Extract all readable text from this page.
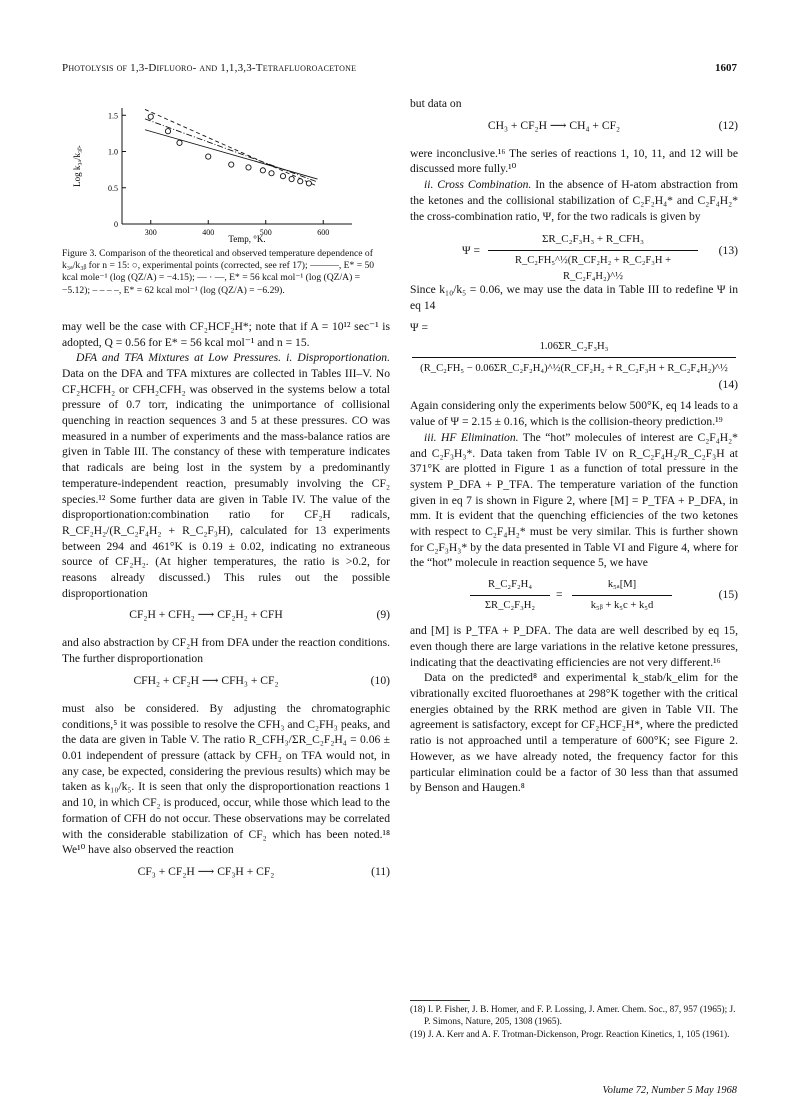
Photolysis of 1,3-Difluoro- and 1,1,3,3-Tetrafluoroacetone	1607
Log k₃ₐ/k₃ᵦ.
Temp, °K.
0
0.5
1.0
1.5
300	400	500	600
Figure 3. Comparison of the theoretical and observed temperature dependence of k₃ₐ/k₃ᵦ for n = 15: ○, experimental points (corrected, see ref 17); ———, E* = 50 kcal mole⁻¹ (log (QZ/A) = −4.15); — · —, E* = 56 kcal mol⁻¹ (log (QZ/A) = −5.12); – – – –, E* = 62 kcal mol⁻¹ (log (QZ/A) = −6.29).

may well be the case with CF₂HCF₂H*; note that if A = 10¹² sec⁻¹ is adopted, Q = 0.56 for E* = 56 kcal mol⁻¹ and n = 15.

DFA and TFA Mixtures at Low Pressures. i. Disproportionation. Data on the DFA and TFA mixtures are collected in Tables III–V. No CF₂HCFH₂ or CFH₂CFH₂ was observed in the systems below a total pressure of 0.7 torr, indicating the unimportance of collisional quenching in reaction sequences 3 and 5 at these pressures. CO was measured in a number of experiments and the mass-balance ratios are given in Table III. The constancy of these with temperature indicates that radicals are being lost in the system by a predominantly temperature-independent reaction, presumably involving the CF₂ species.¹² Some further data are given in Table IV. The value of the disproportionation:combination ratio for CF₂H radicals, R_CF₂H₂/(R_C₂F₄H₂ + R_C₂F₃H), calculated for 13 experiments between 294 and 461°K is 0.19 ± 0.02, indicating no extraneous source of CF₂H₂. (At higher temperatures, the ratio is >0.2, for reasons already discussed.) This rules out the possible disproportionation

CF₂H + CFH₂ ⟶ CF₂H₂ + CFH	(9)

and also abstraction by CF₂H from DFA under the reaction conditions. The further disproportionation

CFH₂ + CF₂H ⟶ CFH₃ + CF₂	(10)

must also be considered. By adjusting the chromatographic conditions,⁵ it was possible to resolve the CFH₃ and C₂FH₃ peaks, and the data are given in Table V. The ratio R_CFH₃/ΣR_C₂F₂H₄ = 0.06 ± 0.01 independent of pressure (attack by CFH₂ on TFA would not, in any case, be expected, considering the previous results) which may be taken as k₁₀/k₅. It is seen that only the disproportionation reactions 1 and 10, in which CF₂ is produced, occur, while those which lead to the formation of CFH do not occur. These observations may be correlated with the considerable stabilization of CF₂ which has been noted.¹⁸ We¹⁰ have also observed the reaction

CF₃ + CF₂H ⟶ CF₃H + CF₂	(11)

but data on

CH₃ + CF₂H ⟶ CH₄ + CF₂	(12)

were inconclusive.¹⁶ The series of reactions 1, 10, 11, and 12 will be discussed more fully.¹⁰

ii. Cross Combination. In the absence of H-atom abstraction from the ketones and the collisional stabilization of C₂F₂H₄* and C₂F₄H₂* the cross-combination ratio, Ψ, for the two radicals is given by

Ψ =
ΣR_C₂F₃H₃ + R_CFH₃
R_C₂FH₅^½(R_CF₂H₂ + R_C₂F₃H + R_C₂F₄H₂)^½
(13)

Since k₁₀/k₅ = 0.06, we may use the data in Table III to redefine Ψ in eq 14

Ψ =
1.06ΣR_C₂F₃H₃
(R_C₂FH₅ − 0.06ΣR_C₂F₂H₄)^½(R_CF₂H₂ + R_C₂F₃H + R_C₂F₄H₂)^½
(14)

Again considering only the experiments below 500°K, eq 14 leads to a value of Ψ = 2.15 ± 0.16, which is the collision-theory prediction.¹⁹

iii. HF Elimination. The “hot” molecules of interest are C₂F₄H₂* and C₂F₃H₃*. Data taken from Table IV on R_C₂F₄H₂/R_C₂F₃H at 371°K are plotted in Figure 1 as a function of total pressure in the system P_DFA + P_TFA. The temperature variation of the function given in eq 7 is shown in Figure 2, where [M] = P_TFA + P_DFA, in mm. It is evident that the quenching efficiencies of the two ketones with respect to C₂F₄H₂* must be very similar. This is further shown for C₂F₃H₃* by the data presented in Table VI and Figure 4, where for the “hot” molecule in reaction sequence 5, we have

$\frac{\text{R\_C₂F₂H₄}}{\text{ΣR\_C₂F₃H₂}} = \frac{\text{k₅ₐ[M]}}{\text{k₅ᵦ + k₅c + k₅d}}$	(15)

and [M] is P_TFA + P_DFA. The data are well described by eq 15, even though there are large variations in the relative ketone pressures, indicating that the deactivating efficiencies are not very different.¹⁶

Data on the predicted⁸ and experimental k_stab/k_elim for the vibrationally excited fluoroethanes at 298°K together with the critical energies obtained by the RRK method are given in Table VII. The agreement is satisfactory, except for CF₂HCF₂H*, where the predicted ratio is not approached until a temperature of 600°K; see Figure 2. However, as we have already noted, the frequency factor for this particular elimination could be a factor of 30 less than that assumed by Benson and Haugen.⁸

(18) I. P. Fisher, J. B. Homer, and F. P. Lossing, J. Amer. Chem. Soc., 87, 957 (1965); J. P. Simons, Nature, 205, 1308 (1965).
(19) J. A. Kerr and A. F. Trotman-Dickenson, Progr. Reaction Kinetics, 1, 105 (1961).
Volume 72, Number 5 May 1968
